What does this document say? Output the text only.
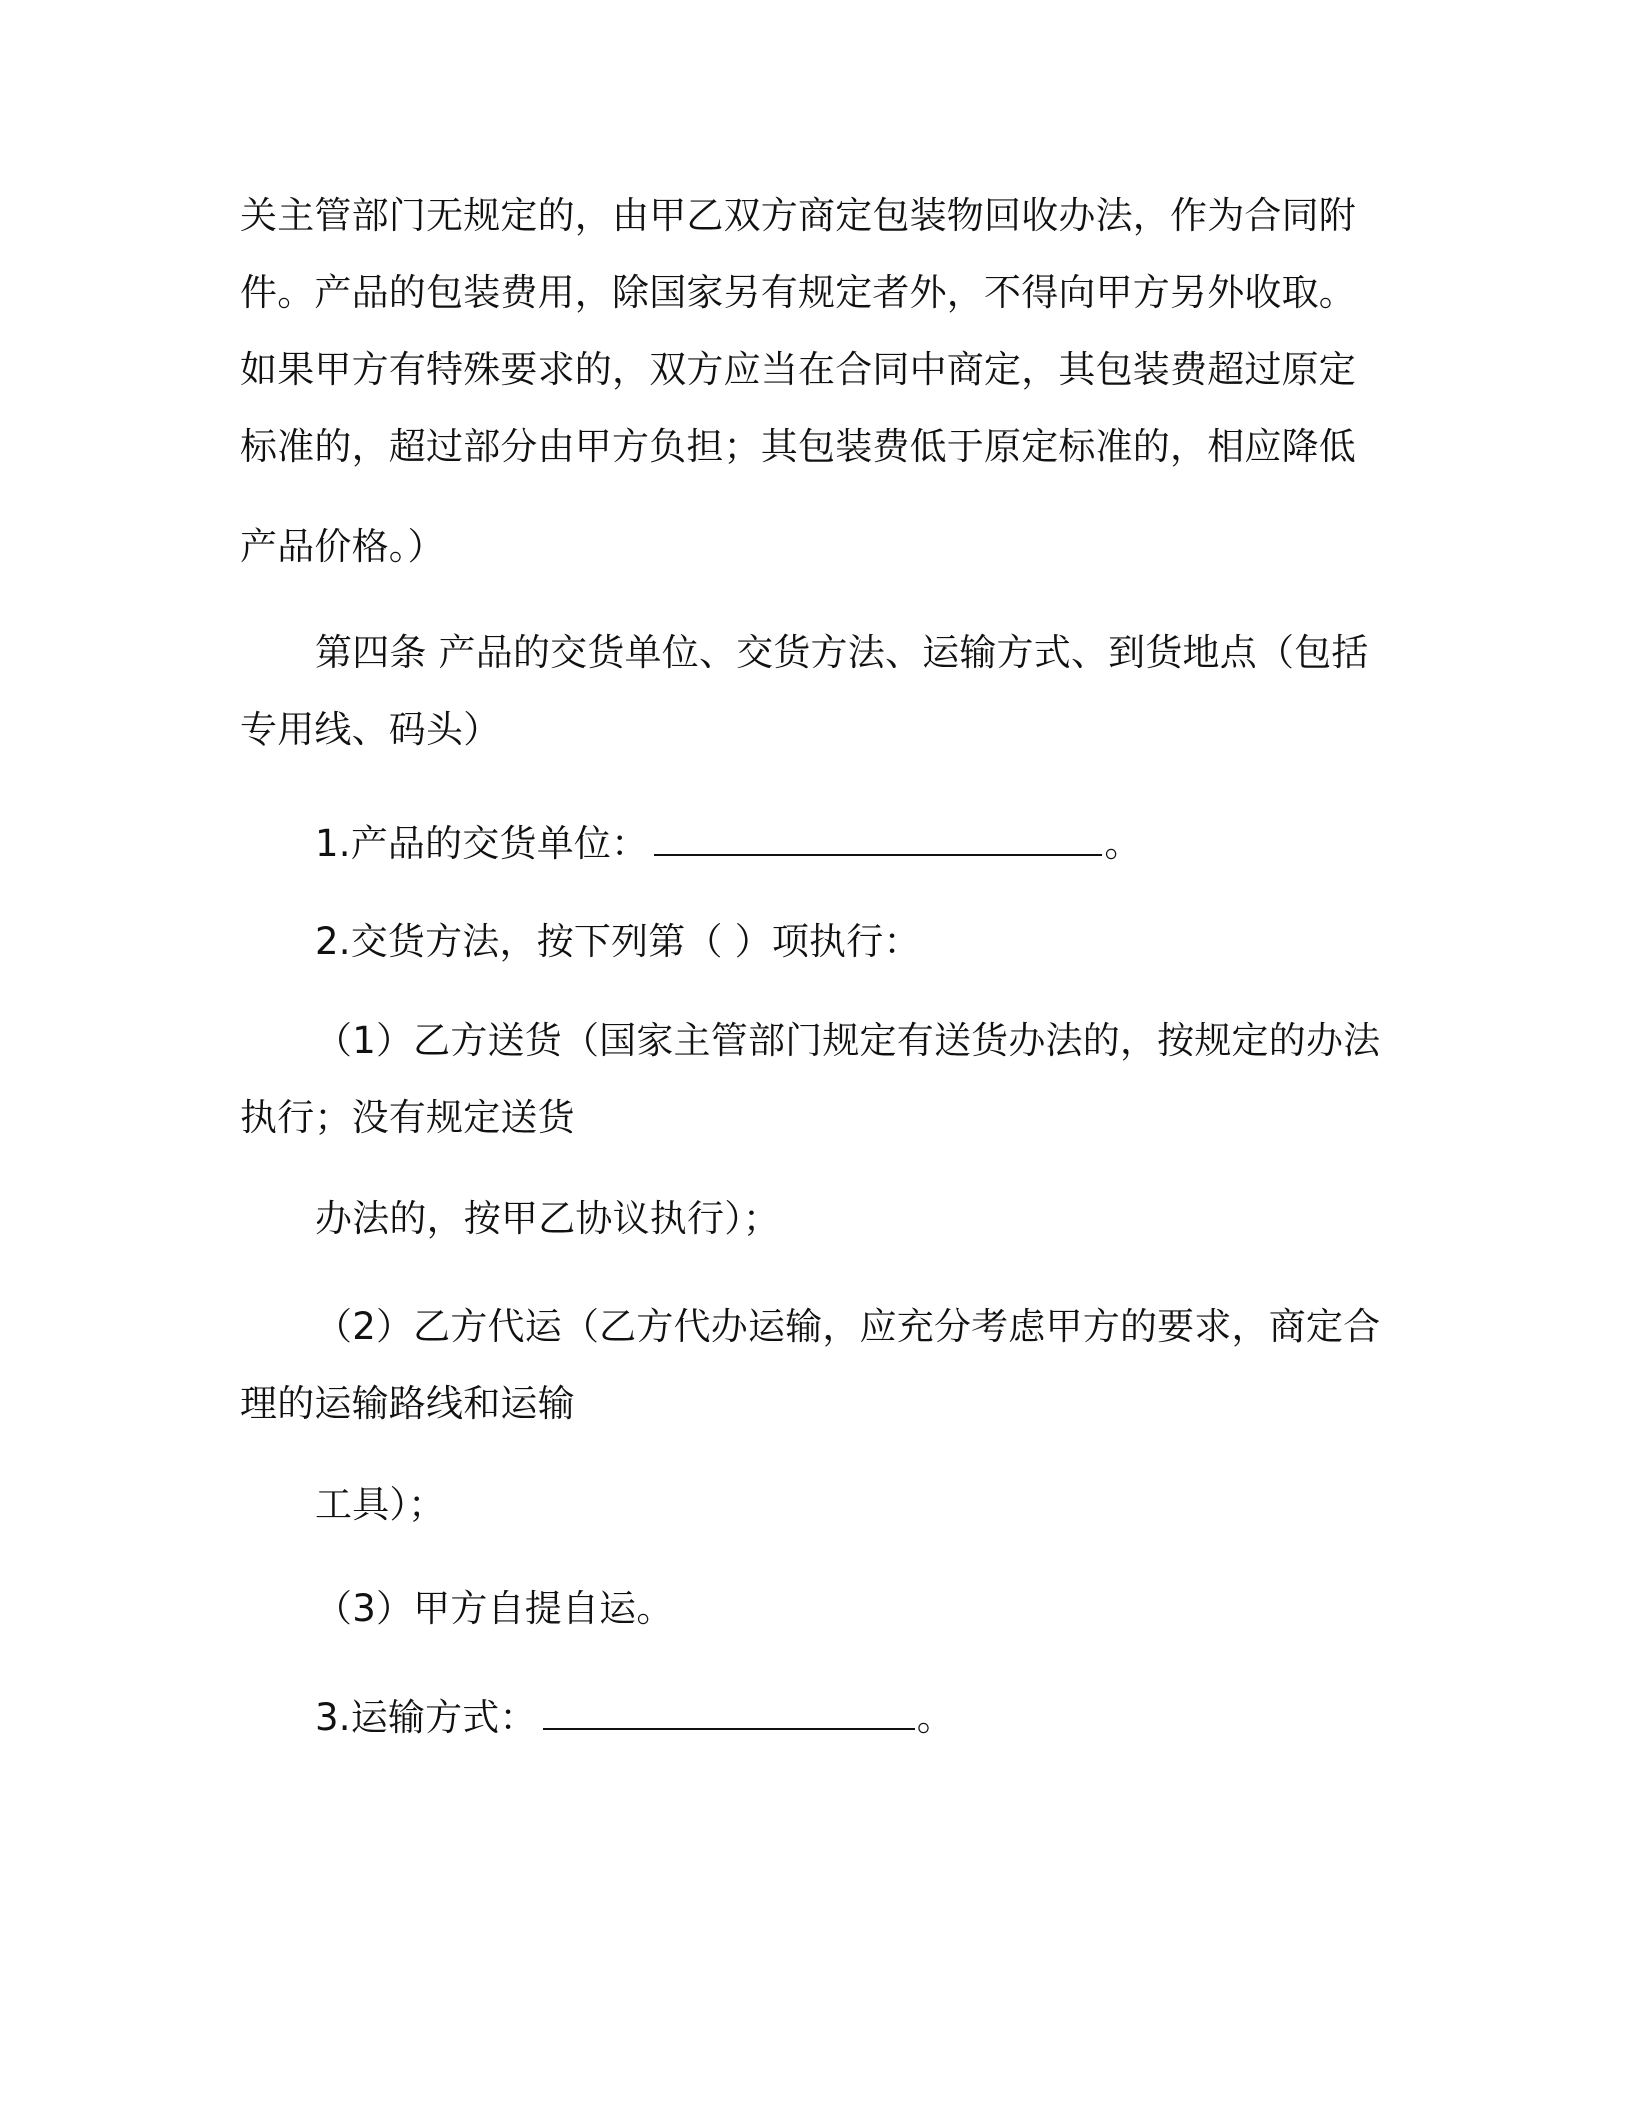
关主管部门无规定的，由甲乙双方商定包装物回收办法，作为合同附
件。产品的包装费用，除国家另有规定者外，不得向甲方另外收取。
如果甲方有特殊要求的，双方应当在合同中商定，其包装费超过原定
标准的，超过部分由甲方负担；其包装费低于原定标准的，相应降低
产品价格。）
第四条 产品的交货单位、交货方法、运输方式、到货地点（包括
专用线、码头）
1.产品的交货单位：	。
2.交货方法，按下列第（ ）项执行：
（1）乙方送货（国家主管部门规定有送货办法的，按规定的办法
执行；没有规定送货
办法的，按甲乙协议执行）；
（2）乙方代运（乙方代办运输，应充分考虑甲方的要求，商定合
理的运输路线和运输
工具）；
（3）甲方自提自运。
3.运输方式：	。
